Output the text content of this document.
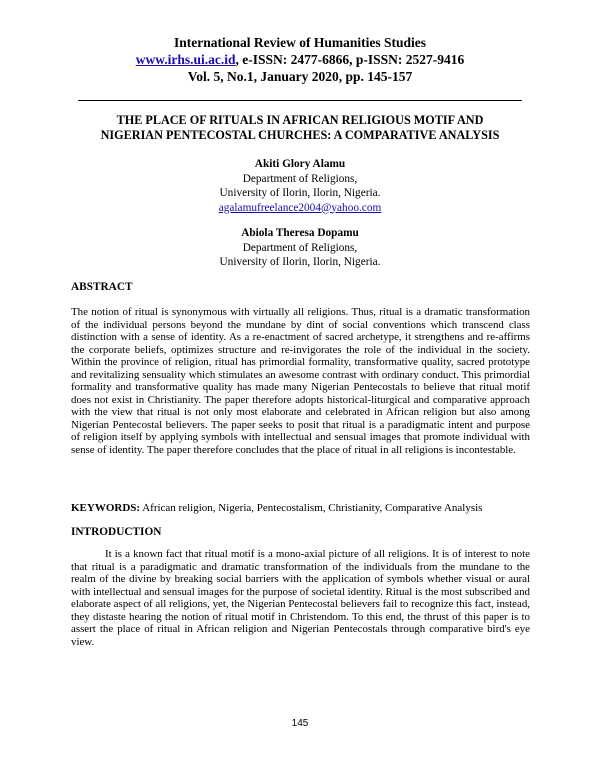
International Review of Humanities Studies
www.irhs.ui.ac.id, e-ISSN: 2477-6866, p-ISSN: 2527-9416
Vol. 5, No.1, January 2020, pp. 145-157
THE PLACE OF RITUALS IN AFRICAN RELIGIOUS MOTIF AND
NIGERIAN PENTECOSTAL CHURCHES: A COMPARATIVE ANALYSIS
Akiti Glory Alamu
Department of Religions,
University of Ilorin, Ilorin, Nigeria.
agalamufreelance2004@yahoo.com
Abiola Theresa Dopamu
Department of Religions,
University of Ilorin, Ilorin, Nigeria.
ABSTRACT
The notion of ritual is synonymous with virtually all religions. Thus, ritual is a dramatic transformation of the individual persons beyond the mundane by dint of social conventions which transcend class distinction with a sense of identity. As a re-enactment of sacred archetype, it strengthens and re-affirms the corporate beliefs, optimizes structure and re-invigorates the role of the individual in the society. Within the province of religion, ritual has primordial formality, transformative quality, sacred prototype and revitalizing sensuality which stimulates an awesome contrast with ordinary conduct. This primordial formality and transformative quality has made many Nigerian Pentecostals to believe that ritual motif does not exist in Christianity. The paper therefore adopts historical-liturgical and comparative approach with the view that ritual is not only most elaborate and celebrated in African religion but also among Nigerian Pentecostal believers. The paper seeks to posit that ritual is a paradigmatic intent and purpose of religion itself by applying symbols with intellectual and sensual images that promote individual with sense of identity. The paper therefore concludes that the place of ritual in all religions is incontestable.
KEYWORDS: African religion, Nigeria, Pentecostalism, Christianity, Comparative Analysis
INTRODUCTION
It is a known fact that ritual motif is a mono-axial picture of all religions. It is of interest to note that ritual is a paradigmatic and dramatic transformation of the individuals from the mundane to the realm of the divine by breaking social barriers with the application of symbols whether visual or aural with intellectual and sensual images for the purpose of societal identity. Ritual is the most subscribed and elaborate aspect of all religions, yet, the Nigerian Pentecostal believers fail to recognize this fact, instead, they distaste hearing the notion of ritual motif in Christendom. To this end, the thrust of this paper is to assert the place of ritual in African religion and Nigerian Pentecostals through comparative bird's eye view.
145
